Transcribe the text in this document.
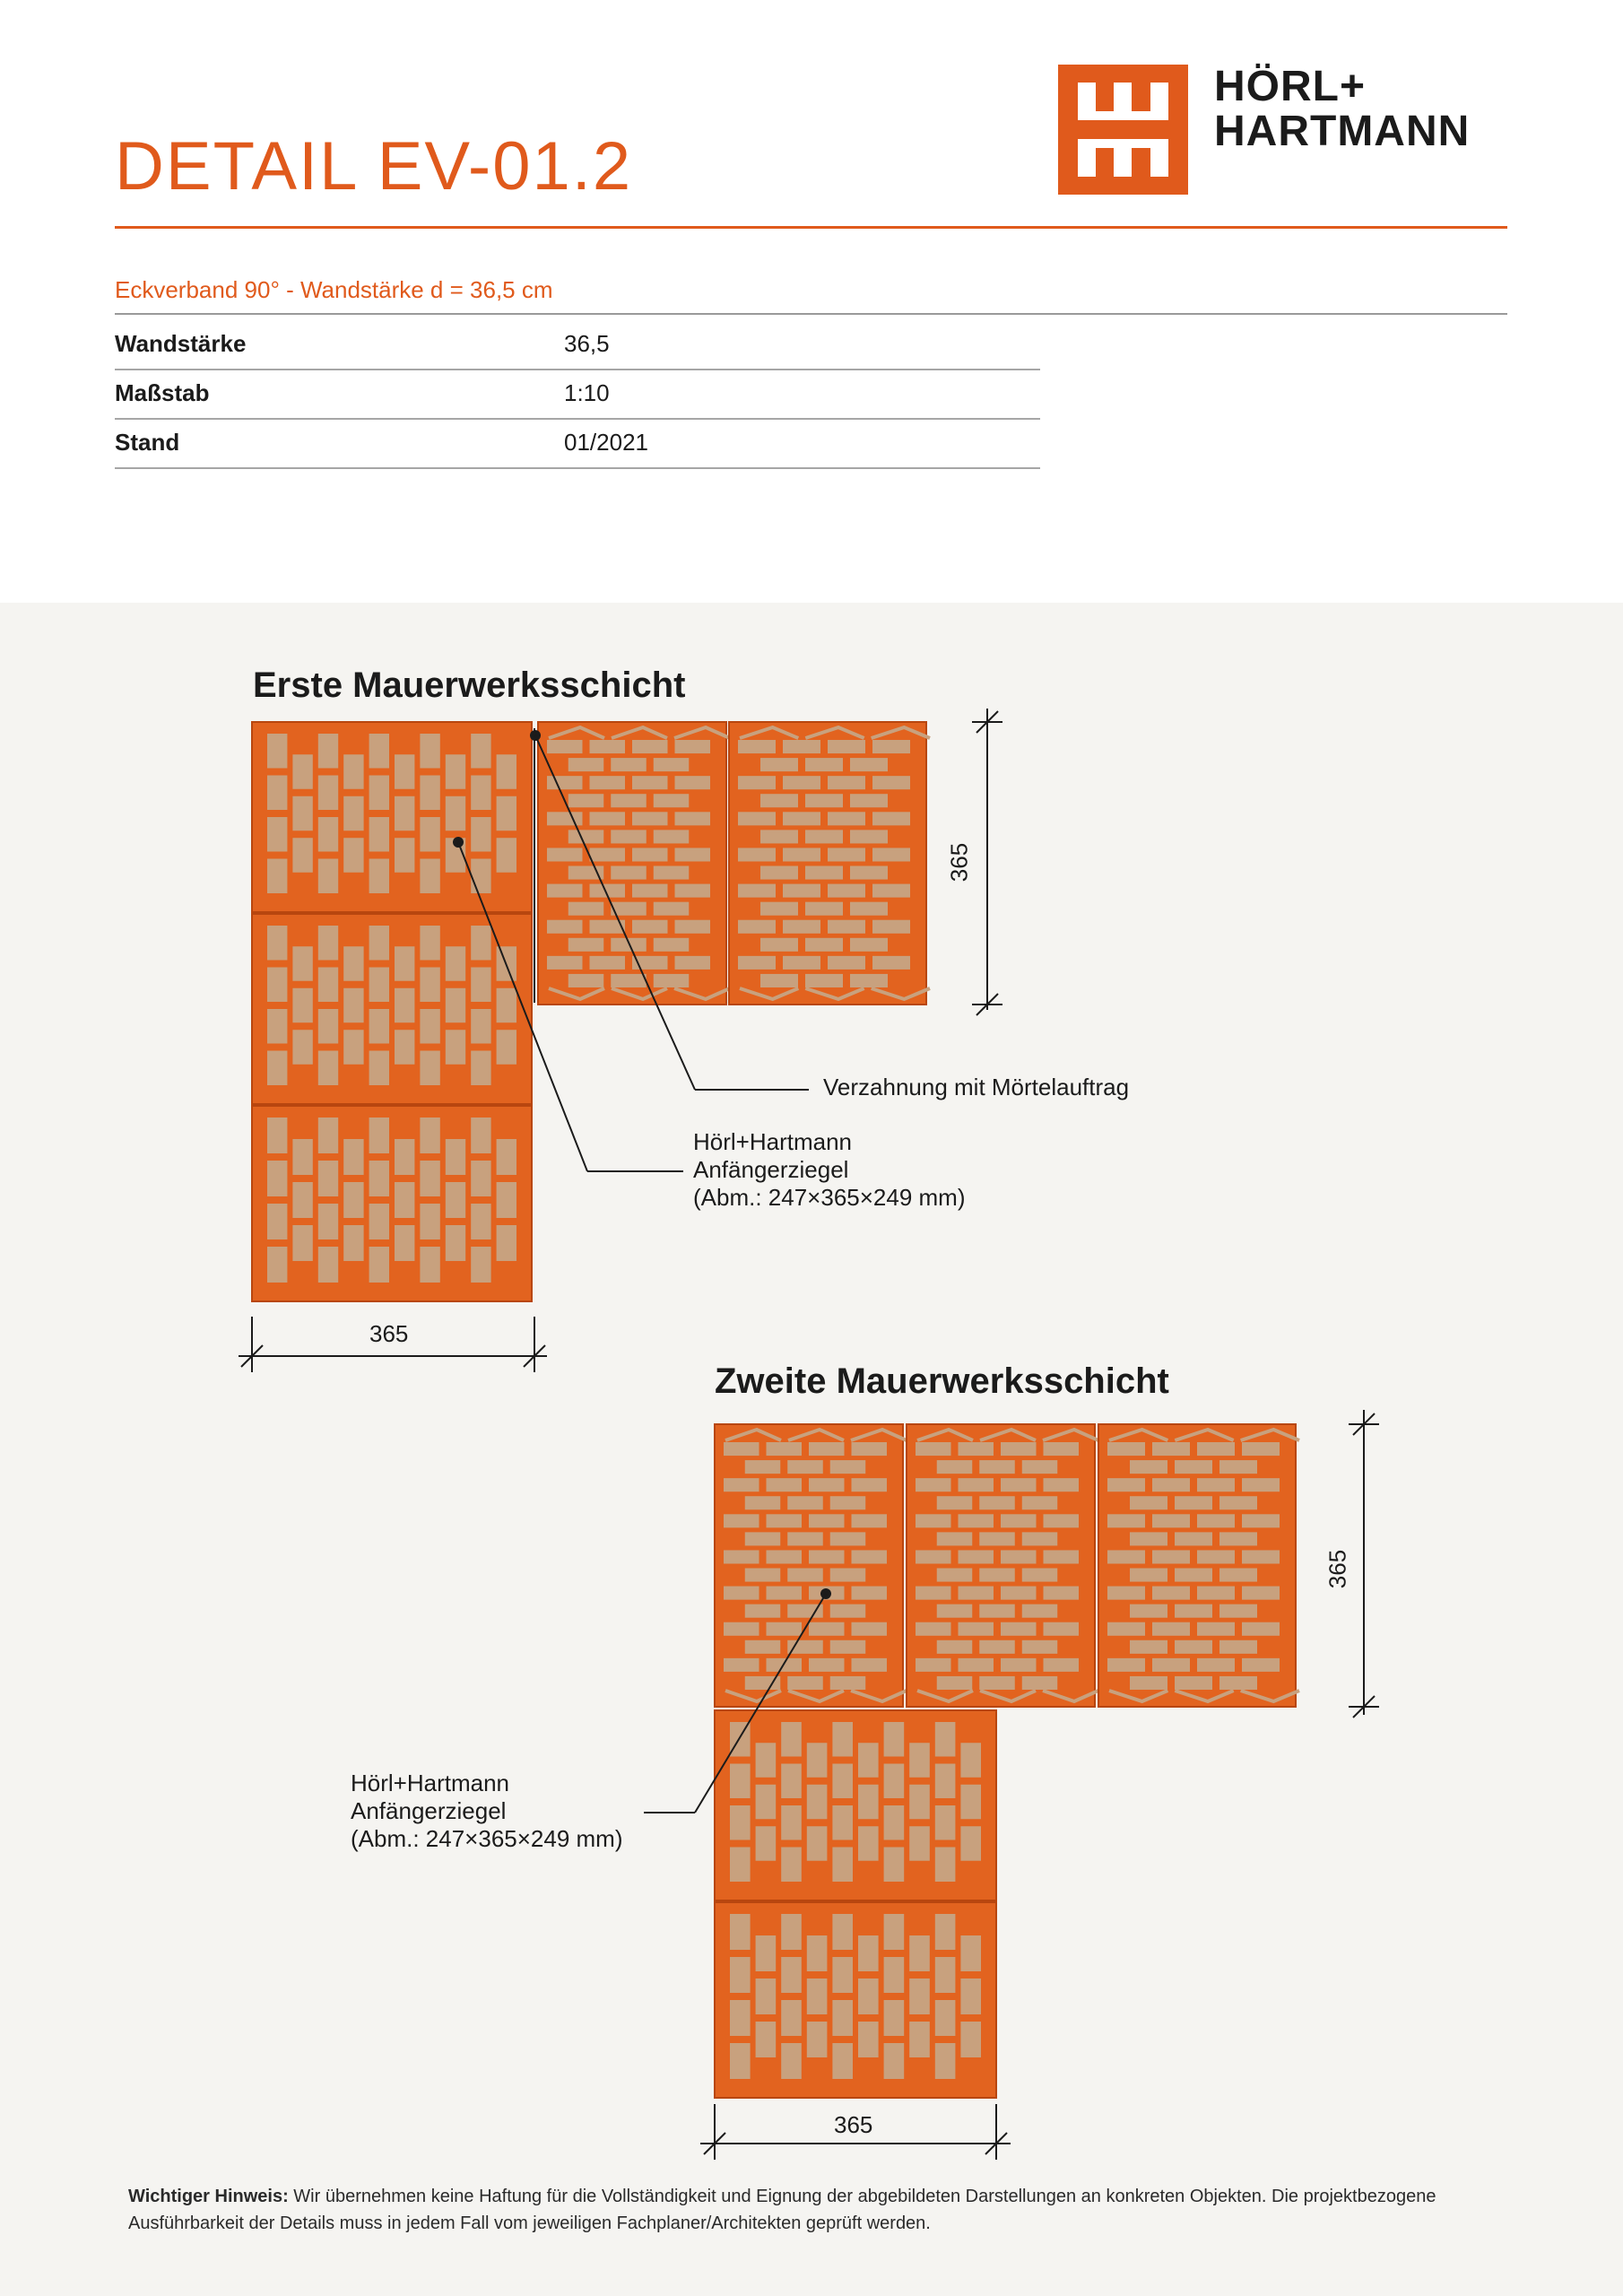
DETAIL EV-01.2
HÖRL+
HARTMANN
Eckverband 90° - Wandstärke d = 36,5 cm
Wandstärke	36,5
Maßstab	1:10
Stand	01/2021
Erste Mauerwerksschicht
Zweite Mauerwerksschicht
Verzahnung mit Mörtelauftrag
Hörl+Hartmann
Anfängerziegel
(Abm.: 247×365×249 mm)
Hörl+Hartmann
Anfängerziegel
(Abm.: 247×365×249 mm)
365
365
365
365
Wichtiger Hinweis: Wir übernehmen keine Haftung für die Vollständigkeit und Eignung der abgebildeten Darstellungen an konkreten Objekten. Die projektbezogene Ausführbarkeit der Details muss in jedem Fall vom jeweiligen Fachplaner/Architekten geprüft werden.
